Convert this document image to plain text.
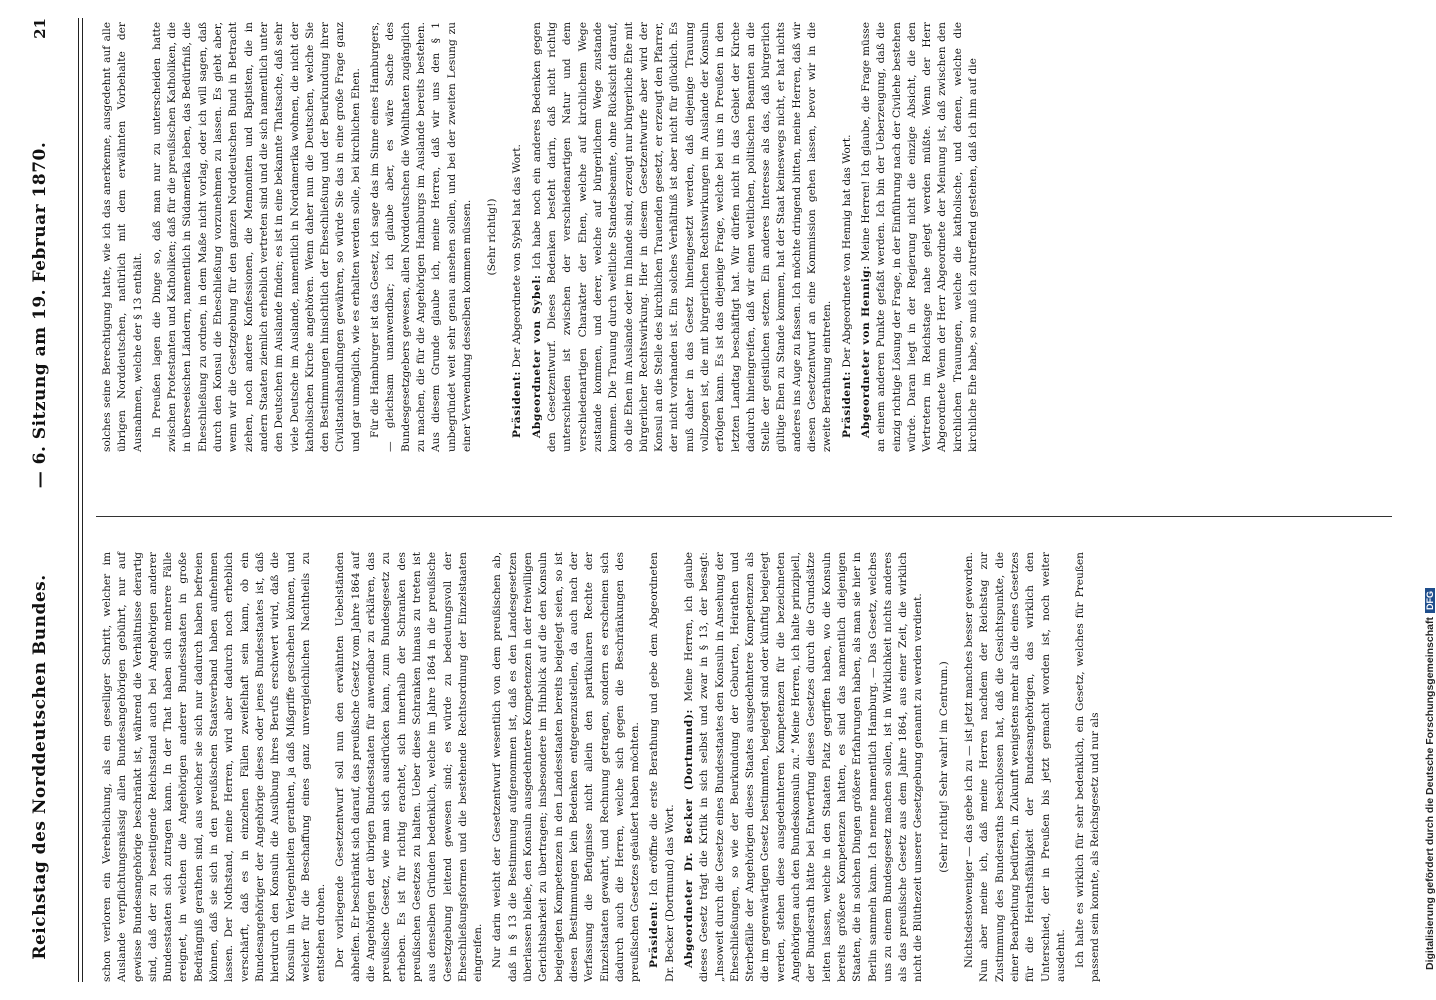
Reichstag des Norddeutschen Bundes.
— 6. Sitzung am 19. Februar 1870.
21

schon verloren ein Verehelichung, als ein geselliger Schritt, welcher im Auslande verpflichtungsmässig allen Bundesangehörigen gebührt, nur auf gewisse Bundesangehörige beschränkt ist, während die Verhältnisse derartig sind, daß der zu beseitigende Reichsstand auch bei Angehörigen anderer Bundesstaaten sich zutragen kann. In der That haben sich mehrere Fälle ereignet, in welchen die Angehörigen anderer Bundesstaaten in große Bedrängniß gerathen sind, aus welcher sie sich nur dadurch haben befreien können, daß sie sich in den preußischen Staatsverband haben aufnehmen lassen. Der Nothstand, meine Herren, wird aber dadurch noch erheblich verschärft, daß es in einzelnen Fällen zweifelhaft sein kann, ob ein Bundesangehöriger der Angehörige dieses oder jenes Bundesstaates ist, daß hierdurch den Konsuln die Ausübung ihres Berufs erschwert wird, daß die Konsuln in Verlegenheiten gerathen, ja daß Mißgriffe geschehen können, und welcher für die Beschaffung eines ganz unvergleichlichen Nachtheils zu entstehen drohen. Der vorliegende Gesetzentwurf soll nun den erwähnten Uebelständen abhelfen. Er beschränkt sich darauf, das preußische Gesetz vom Jahre 1864 auf die Angehörigen der übrigen Bundesstaaten für anwendbar zu erklären, das preußische Gesetz, wie man sich ausdrücken kann, zum Bundesgesetz zu erheben. Es ist für richtig erachtet, sich innerhalb der Schranken des preußischen Gesetzes zu halten. Ueber diese Schranken hinaus zu treten ist aus denselben Gründen bedenklich, welche im Jahre 1864 in die preußische Gesetzgebung leitend gewesen sind; es würde zu bedeutungsvoll der Eheschließungsformen und die bestehende Rechtsordnung der Einzelstaaten eingreifen. Nur darin weicht der Gesetzentwurf wesentlich von dem preußischen ab, daß in § 13 die Bestimmung aufgenommen ist, daß es den Landesgesetzen überlassen bleibe, den Konsuln ausgedehntere Kompetenzen in der freiwilligen Gerichtsbarkeit zu übertragen; insbesondere im Hinblick auf die den Konsuln beigelegten Kompetenzen in den Landesstaaten bereits beigelegt seien, so ist diesen Bestimmungen kein Bedenken entgegenzustellen, da auch nach der Verfassung die Befugnisse nicht allein den partikularen Rechte der Einzelstaaten gewahrt, und Rechnung getragen, sondern es erscheinen sich dadurch auch die Herren, welche sich gegen die Beschränkungen des preußischen Gesetzes geäußert haben möchten. Präsident: Ich eröffne die erste Berathung und gebe dem Abgeordneten Dr. Becker (Dortmund) das Wort. Abgeordneter Dr. Becker (Dortmund): Meine Herren, ich glaube dieses Gesetz trägt die Kritik in sich selbst und zwar in § 13, der besagt: „Insoweit durch die Gesetze eines Bundesstaates den Konsuln in Ansehung der Eheschließungen, so wie der Beurkundung der Geburten, Heirathen und Sterbefälle der Angehörigen dieses Staates ausgedehntere Kompetenzen als die im gegenwärtigen Gesetz bestimmten, beigelegt sind oder künftig beigelegt werden, stehen diese ausgedehnteren Kompetenzen für die bezeichneten Angehörigen auch den Bundeskonsuln zu.“ Meine Herren, ich halte prinzipiell, der Bundesrath hätte bei Entwerfung dieses Gesetzes durch die Grundsätze leiten lassen, welche in den Staaten Platz gegriffen haben, wo die Konsuln bereits größere Kompetenzen hatten, es sind das namentlich diejenigen Staaten, die in solchen Dingen größere Erfahrungen haben, als man sie hier in Berlin sammeln kann. Ich nenne namentlich Hamburg. — Das Gesetz, welches uns zu einem Bundesgesetz machen sollen, ist in Wirklichkeit nichts anderes als das preußische Gesetz aus dem Jahre 1864, aus einer Zeit, die wirklich nicht die Blüthezeit unserer Gesetzgebung genannt zu werden verdient. (Sehr richtig! Sehr wahr! im Centrum.) Nichtsdestoweniger — das gebe ich zu — ist jetzt manches besser geworden. Nun aber meine ich, daß meine Herren nachdem der Reichstag zur Zustimmung des Bundesraths beschlossen hat, daß die Gesichtspunkte, die einer Bearbeitung bedürfen, in Zukunft wenigstens mehr als die eines Gesetzes für die Heirathsfähigkeit der Bundesangehörigen, das wirklich den Unterschied, der in Preußen bis jetzt gemacht worden ist, noch weiter ausdehnt. Ich halte es wirklich für sehr bedenklich, ein Gesetz, welches für Preußen passend sein konnte, als Reichsgesetz und nur als

solches seine Berechtigung hatte, wie ich das anerkenne, ausgedehnt auf alle übrigen Norddeutschen, natürlich mit dem erwähnten Vorbehalte der Ausnahmen, welche der § 13 enthält. In Preußen lagen die Dinge so, daß man nur zu unterscheiden hatte zwischen Protestanten und Katholiken; daß für die preußischen Katholiken, die in überseeischen Ländern, namentlich in Südamerika leben, das Bedürfniß, die Eheschließung zu ordnen, in dem Maße nicht vorlag, oder ich will sagen, daß durch den Konsul die Eheschließung vorzunehmen zu lassen. Es giebt aber, wenn wir die Gesetzgebung für den ganzen Norddeutschen Bund in Betracht ziehen, noch andere Konfessionen, die Mennoniten und Baptisten, die in andern Staaten ziemlich erheblich vertreten sind und die sich namentlich unter den Deutschen im Auslande finden; es ist in eine bekannte Thatsache, daß sehr viele Deutsche im Auslande, namentlich in Nordamerika wohnen, die nicht der katholischen Kirche angehören. Wenn daher nun die Deutschen, welche Sie den Bestimmungen hinsichtlich der Eheschließung und der Beurkundung ihrer Civilstandshandlungen gewähren, so würde Sie das in eine große Frage ganz und gar unmöglich, wie es erhalten werden solle, bei kirchlichen Ehen. Für die Hamburger ist das Gesetz, ich sage das im Sinne eines Hamburgers, — gleichsam unanwendbar; ich glaube aber, es wäre Sache des Bundesgesetzgebers gewesen, allen Norddeutschen die Wohlthaten zugänglich zu machen, die für die Angehörigen Hamburgs im Auslande bereits bestehen. Aus diesem Grunde glaube ich, meine Herren, daß wir uns den § 1 unbegründet weit sehr genau ansehen sollen, und bei der zweiten Lesung zu einer Verwendung desselben kommen müssen. (Sehr richtig!)

Präsident: Der Abgeordnete von Sybel hat das Wort. Abgeordneter von Sybel: Ich habe noch ein anderes Bedenken gegen den Gesetzentwurf. Dieses Bedenken besteht darin, daß nicht richtig unterschieden ist zwischen der verschiedenartigen Natur und dem verschiedenartigen Charakter der Ehen, welche auf kirchlichem Wege zustande kommen, und derer, welche auf bürgerlichem Wege zustande kommen. Die Trauung durch weltliche Standesbeamte, ohne Rücksicht darauf, ob die Ehen im Auslande oder im Inlande sind, erzeugt nur bürgerliche Ehe mit bürgerlicher Rechtswirkung. Hier in diesem Gesetzentwurfe aber wird der Konsul an die Stelle des kirchlichen Trauenden gesetzt, er erzeugt den Pfarrer, der nicht vorhanden ist. Ein solches Verhältniß ist aber nicht für glücklich. Es muß daher in das Gesetz hineingesetzt werden, daß diejenige Trauung vollzogen ist, die mit bürgerlichen Rechtswirkungen im Auslande der Konsuln erfolgen kann. Es ist das diejenige Frage, welche bei uns in Preußen in den letzten Landtag beschäftigt hat. Wir dürfen nicht in das Gebiet der Kirche dadurch hineingreifen, daß wir einen weltlichen, politischen Beamten an die Stelle der geistlichen setzen. Ein anderes Interesse als das, daß bürgerlich gültige Ehen zu Stande kommen, hat der Staat keineswegs nicht, er hat nichts anderes ins Auge zu fassen. Ich möchte dringend bitten, meine Herren, daß wir diesen Gesetzentwurf an eine Kommission gehen lassen, bevor wir in die zweite Berathung eintreten. Präsident: Der Abgeordnete von Hennig hat das Wort. Abgeordneter von Hennig: Meine Herren! Ich glaube, die Frage müsse an einem anderen Punkte gefaßt werden. Ich bin der Ueberzeugung, daß die einzig richtige Lösung der Frage, in der Einführung nach der Civilehe bestehen würde. Daran liegt in der Regierung nicht die einzige Absicht, die den Vertretern im Reichstage nahe gelegt werden müßte. Wenn der Herr Abgeordnete Wenn der Herr Abgeordnete der Meinung ist, daß zwischen den kirchlichen Trauungen, welche die katholische, und denen, welche die kirchliche Ehe habe, so muß ich zutreffend gestehen, daß ich ihm auf die

Digitalisierung gefördert durch die Deutsche ForschungsgemeinschaftDFG
